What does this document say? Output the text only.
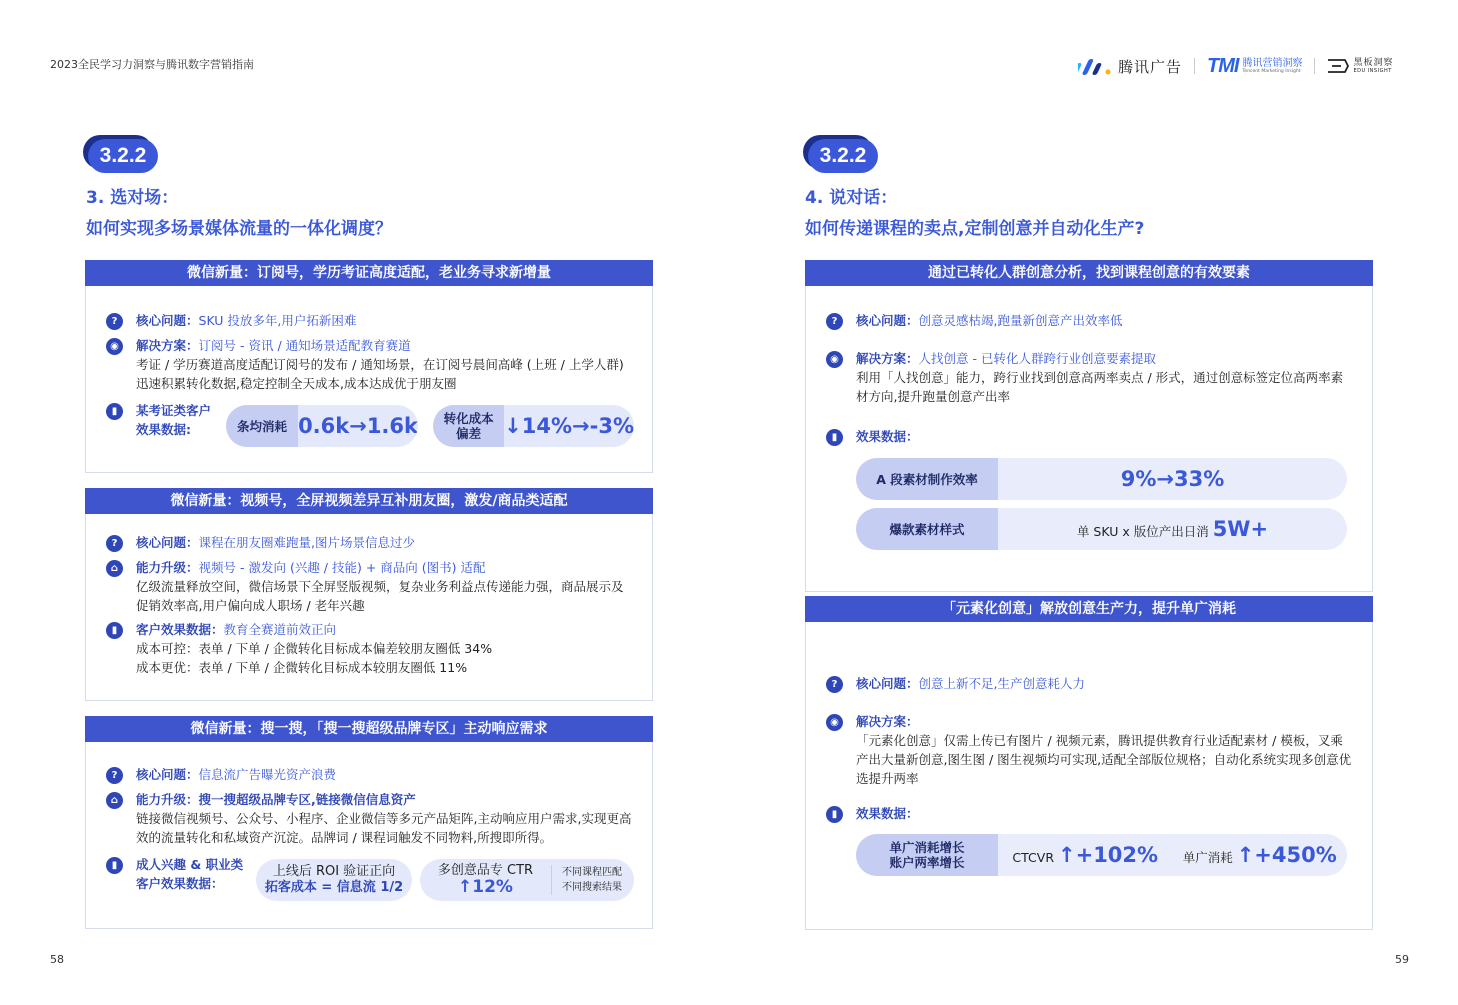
2023全民学习力洞察与腾讯数字营销指南	腾讯广告 TMI 腾讯营销洞察
Tencent Marketing Insight
黑板洞察
EDU INSIGHT
3.2.2
3. 选对场：
如何实现多场景媒体流量的一体化调度？
微信新量：订阅号，学历考证高度适配，老业务寻求新增量
?	核心问题：SKU 投放多年,用户拓新困难
◉	解决方案：订阅号 - 资讯 / 通知场景适配教育赛道
考证 / 学历赛道高度适配订阅号的发布 / 通知场景，在订阅号晨间高峰 (上班 / 上学人群) 迅速积累转化数据,稳定控制全天成本,成本达成优于朋友圈
▮	某考证类客户
效果数据:	条均消耗 0.6k→1.6k 转化成本
偏差 ↓14%→-3%
微信新量：视频号，全屏视频差异互补朋友圈，激发/商品类适配
?	核心问题：课程在朋友圈难跑量,图片场景信息过少
⌂	能力升级：视频号 - 激发向 (兴趣 / 技能) + 商品向 (图书) 适配
亿级流量释放空间，微信场景下全屏竖版视频，复杂业务利益点传递能力强，商品展示及促销效率高,用户偏向成人职场 / 老年兴趣
▮	客户效果数据：教育全赛道前效正向
成本可控：表单 / 下单 / 企微转化目标成本偏差较朋友圈低 34%
成本更优：表单 / 下单 / 企微转化目标成本较朋友圈低 11%
微信新量：搜一搜，「搜一搜超级品牌专区」主动响应需求
?	核心问题：信息流广告曝光资产浪费
⌂	能力升级：搜一搜超级品牌专区,链接微信信息资产
链接微信视频号、公众号、小程序、企业微信等多元产品矩阵,主动响应用户需求,实现更高效的流量转化和私域资产沉淀。品牌词 / 课程词触发不同物料,所搜即所得。
▮	成人兴趣 & 职业类
客户效果数据：
上线后 ROI 验证正向
拓客成本 = 信息流 1/2
多创意品专 CTR
↑12%
不同课程匹配
不同搜索结果
58
3.2.2
4. 说对话：
如何传递课程的卖点,定制创意并自动化生产?
通过已转化人群创意分析，找到课程创意的有效要素
?	核心问题：创意灵感枯竭,跑量新创意产出效率低
◉	解决方案：人找创意 - 已转化人群跨行业创意要素提取
利用「人找创意」能力，跨行业找到创意高两率卖点 / 形式，通过创意标签定位高两率素材方向,提升跑量创意产出率
▮	效果数据：
A 段素材制作效率	9%→33%
爆款素材样式	单 SKU x 版位产出日消 5W+
「元素化创意」解放创意生产力，提升单广消耗
?	核心问题：创意上新不足,生产创意耗人力
◉	解决方案：
「元素化创意」仅需上传已有图片 / 视频元素，腾讯提供教育行业适配素材 / 模板，叉乘产出大量新创意,图生图 / 图生视频均可实现,适配全部版位规格；自动化系统实现多创意优选提升两率
▮	效果数据：
单广消耗增长
账户两率增长	CTCVR ↑+102%	单广消耗 ↑+450%
59
